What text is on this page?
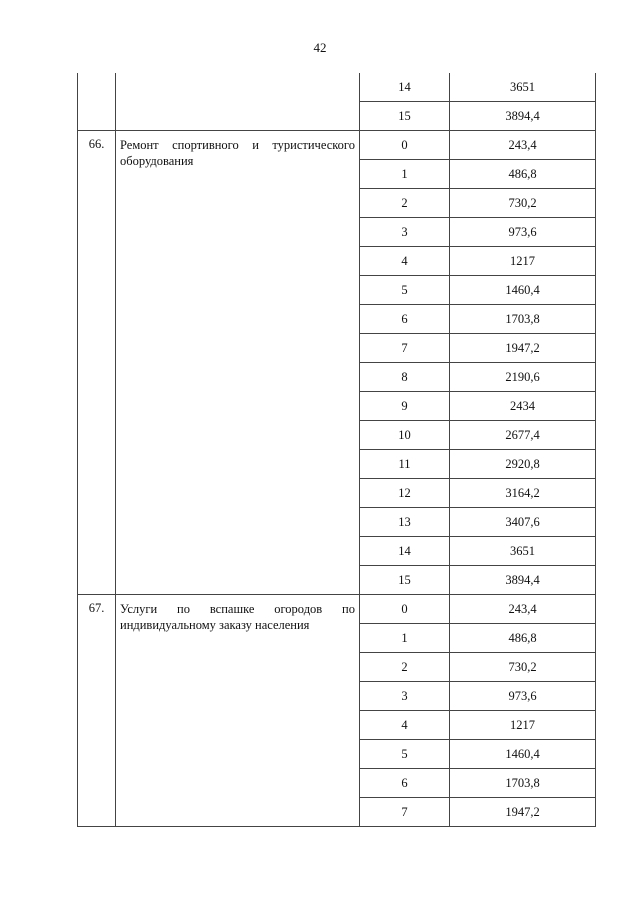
42
		14	3651
		15	3894,4
66.	Ремонт спортивного и туристического оборудования	0	243,4
		1	486,8
		2	730,2
		3	973,6
		4	1217
		5	1460,4
		6	1703,8
		7	1947,2
		8	2190,6
		9	2434
		10	2677,4
		11	2920,8
		12	3164,2
		13	3407,6
		14	3651
		15	3894,4
67.	Услуги по вспашке огородов по индивидуальному заказу населения	0	243,4
		1	486,8
		2	730,2
		3	973,6
		4	1217
		5	1460,4
		6	1703,8
		7	1947,2
